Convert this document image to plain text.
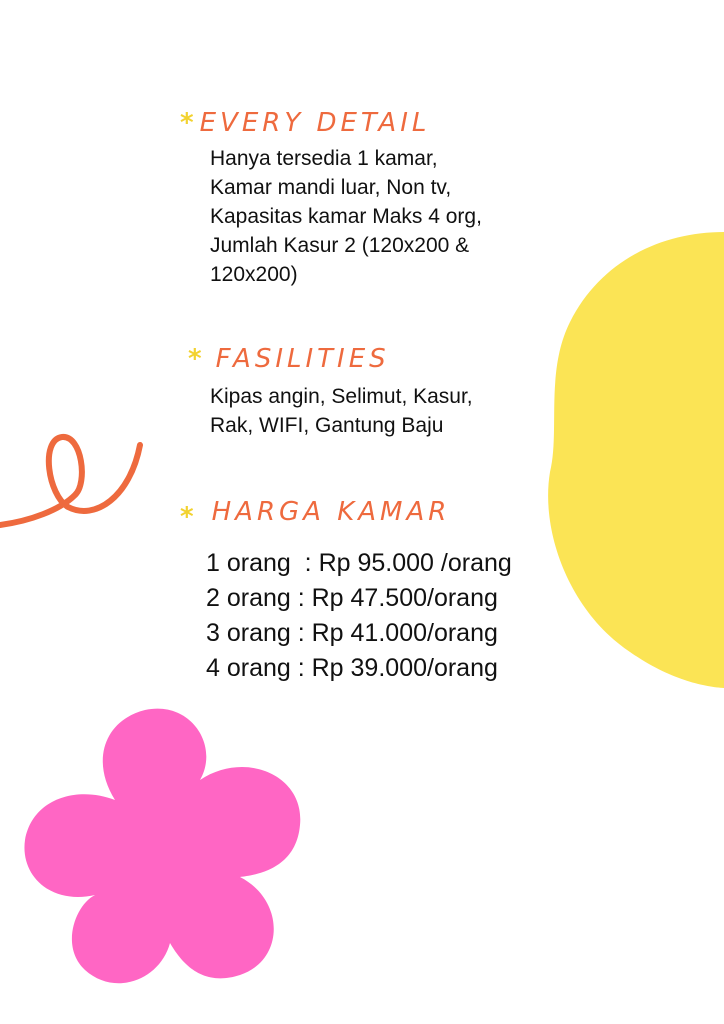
* EVERY DETAIL
Hanya tersedia 1 kamar,
Kamar mandi luar, Non tv,
Kapasitas kamar Maks 4 org,
Jumlah Kasur 2 (120x200 &
120x200)
* FASILITIES
Kipas angin, Selimut, Kasur,
Rak, WIFI, Gantung Baju
* HARGA KAMAR
1 orang  : Rp 95.000 /orang
2 orang : Rp 47.500/orang
3 orang : Rp 41.000/orang
4 orang : Rp 39.000/orang
